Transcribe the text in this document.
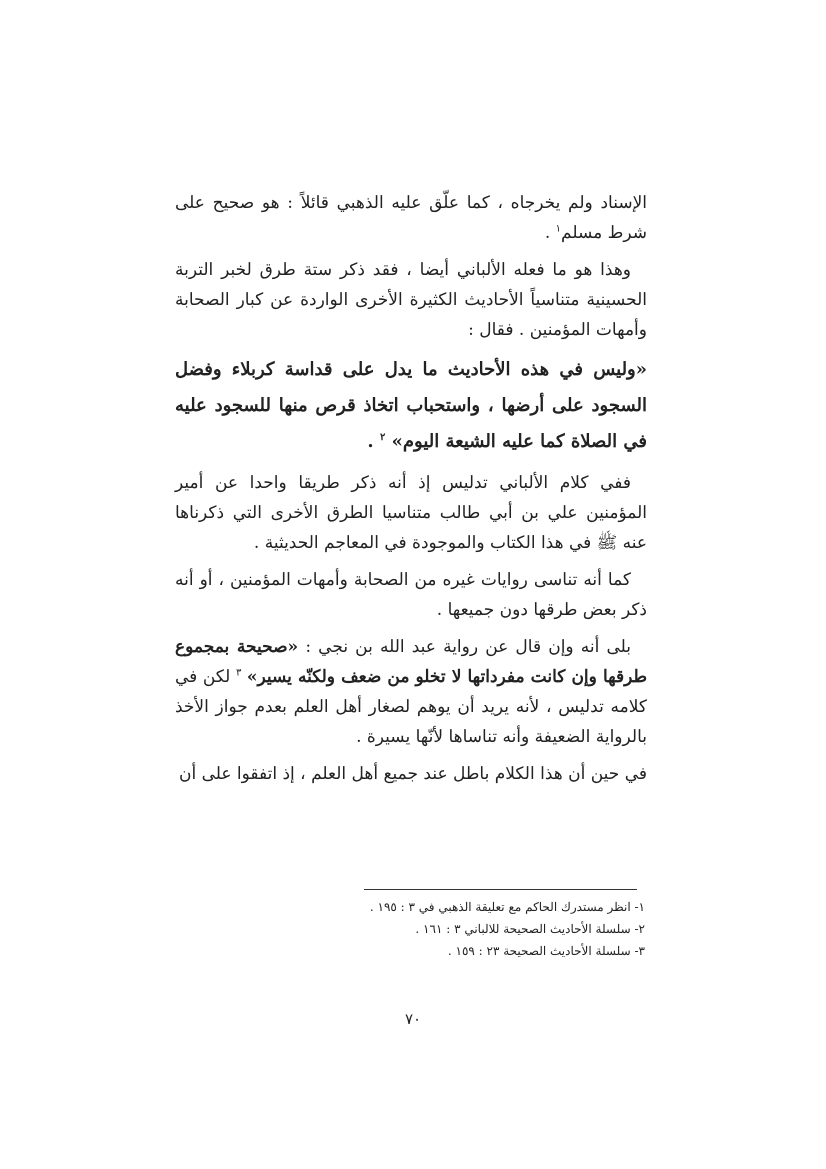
الإسناد ولم يخرجاه ، كما علّق عليه الذهبي قائلاً : هو صحيح على شرط مسلم$^١$ .

وهذا هو ما فعله الألباني أيضا ، فقد ذكر ستة طرق لخبر التربة الحسينية متناسياً الأحاديث الكثيرة الأخرى الواردة عن كبار الصحابة وأمهات المؤمنين . فقال :

«وليس في هذه الأحاديث ما يدل على قداسة كربلاء وفضل السجود على أرضها ، واستحباب اتخاذ قرص منها للسجود عليه في الصلاة كما عليه الشيعة اليوم» $^٢$ .

ففي كلام الألباني تدليس إذ أنه ذكر طريقا واحدا عن أمير المؤمنين علي بن أبي طالب متناسيا الطرق الأخرى التي ذكرناها عنه ﷺ في هذا الكتاب والموجودة في المعاجم الحديثية .

كما أنه تناسى روايات غيره من الصحابة وأمهات المؤمنين ، أو أنه ذكر بعض طرقها دون جميعها .

بلى أنه وإن قال عن رواية عبد الله بن نجي : «صحيحة بمجموع طرقها وإن كانت مفرداتها لا تخلو من ضعف ولكنّه يسير» $^٣$ لكن في كلامه تدليس ، لأنه يريد أن يوهم لصغار أهل العلم بعدم جواز الأخذ بالرواية الضعيفة وأنه تناساها لأنّها يسيرة .

في حين أن هذا الكلام باطل عند جميع أهل العلم ، إذ اتفقوا على أن

١- انظر مستدرك الحاكم مع تعليقة الذهبي في ٣ : ١٩٥ .

٢- سلسلة الأحاديث الصحيحة للالباني ٣ : ١٦١ .

٣- سلسلة الأحاديث الصحيحة ٢٣ : ١٥٩ .

٧٠
